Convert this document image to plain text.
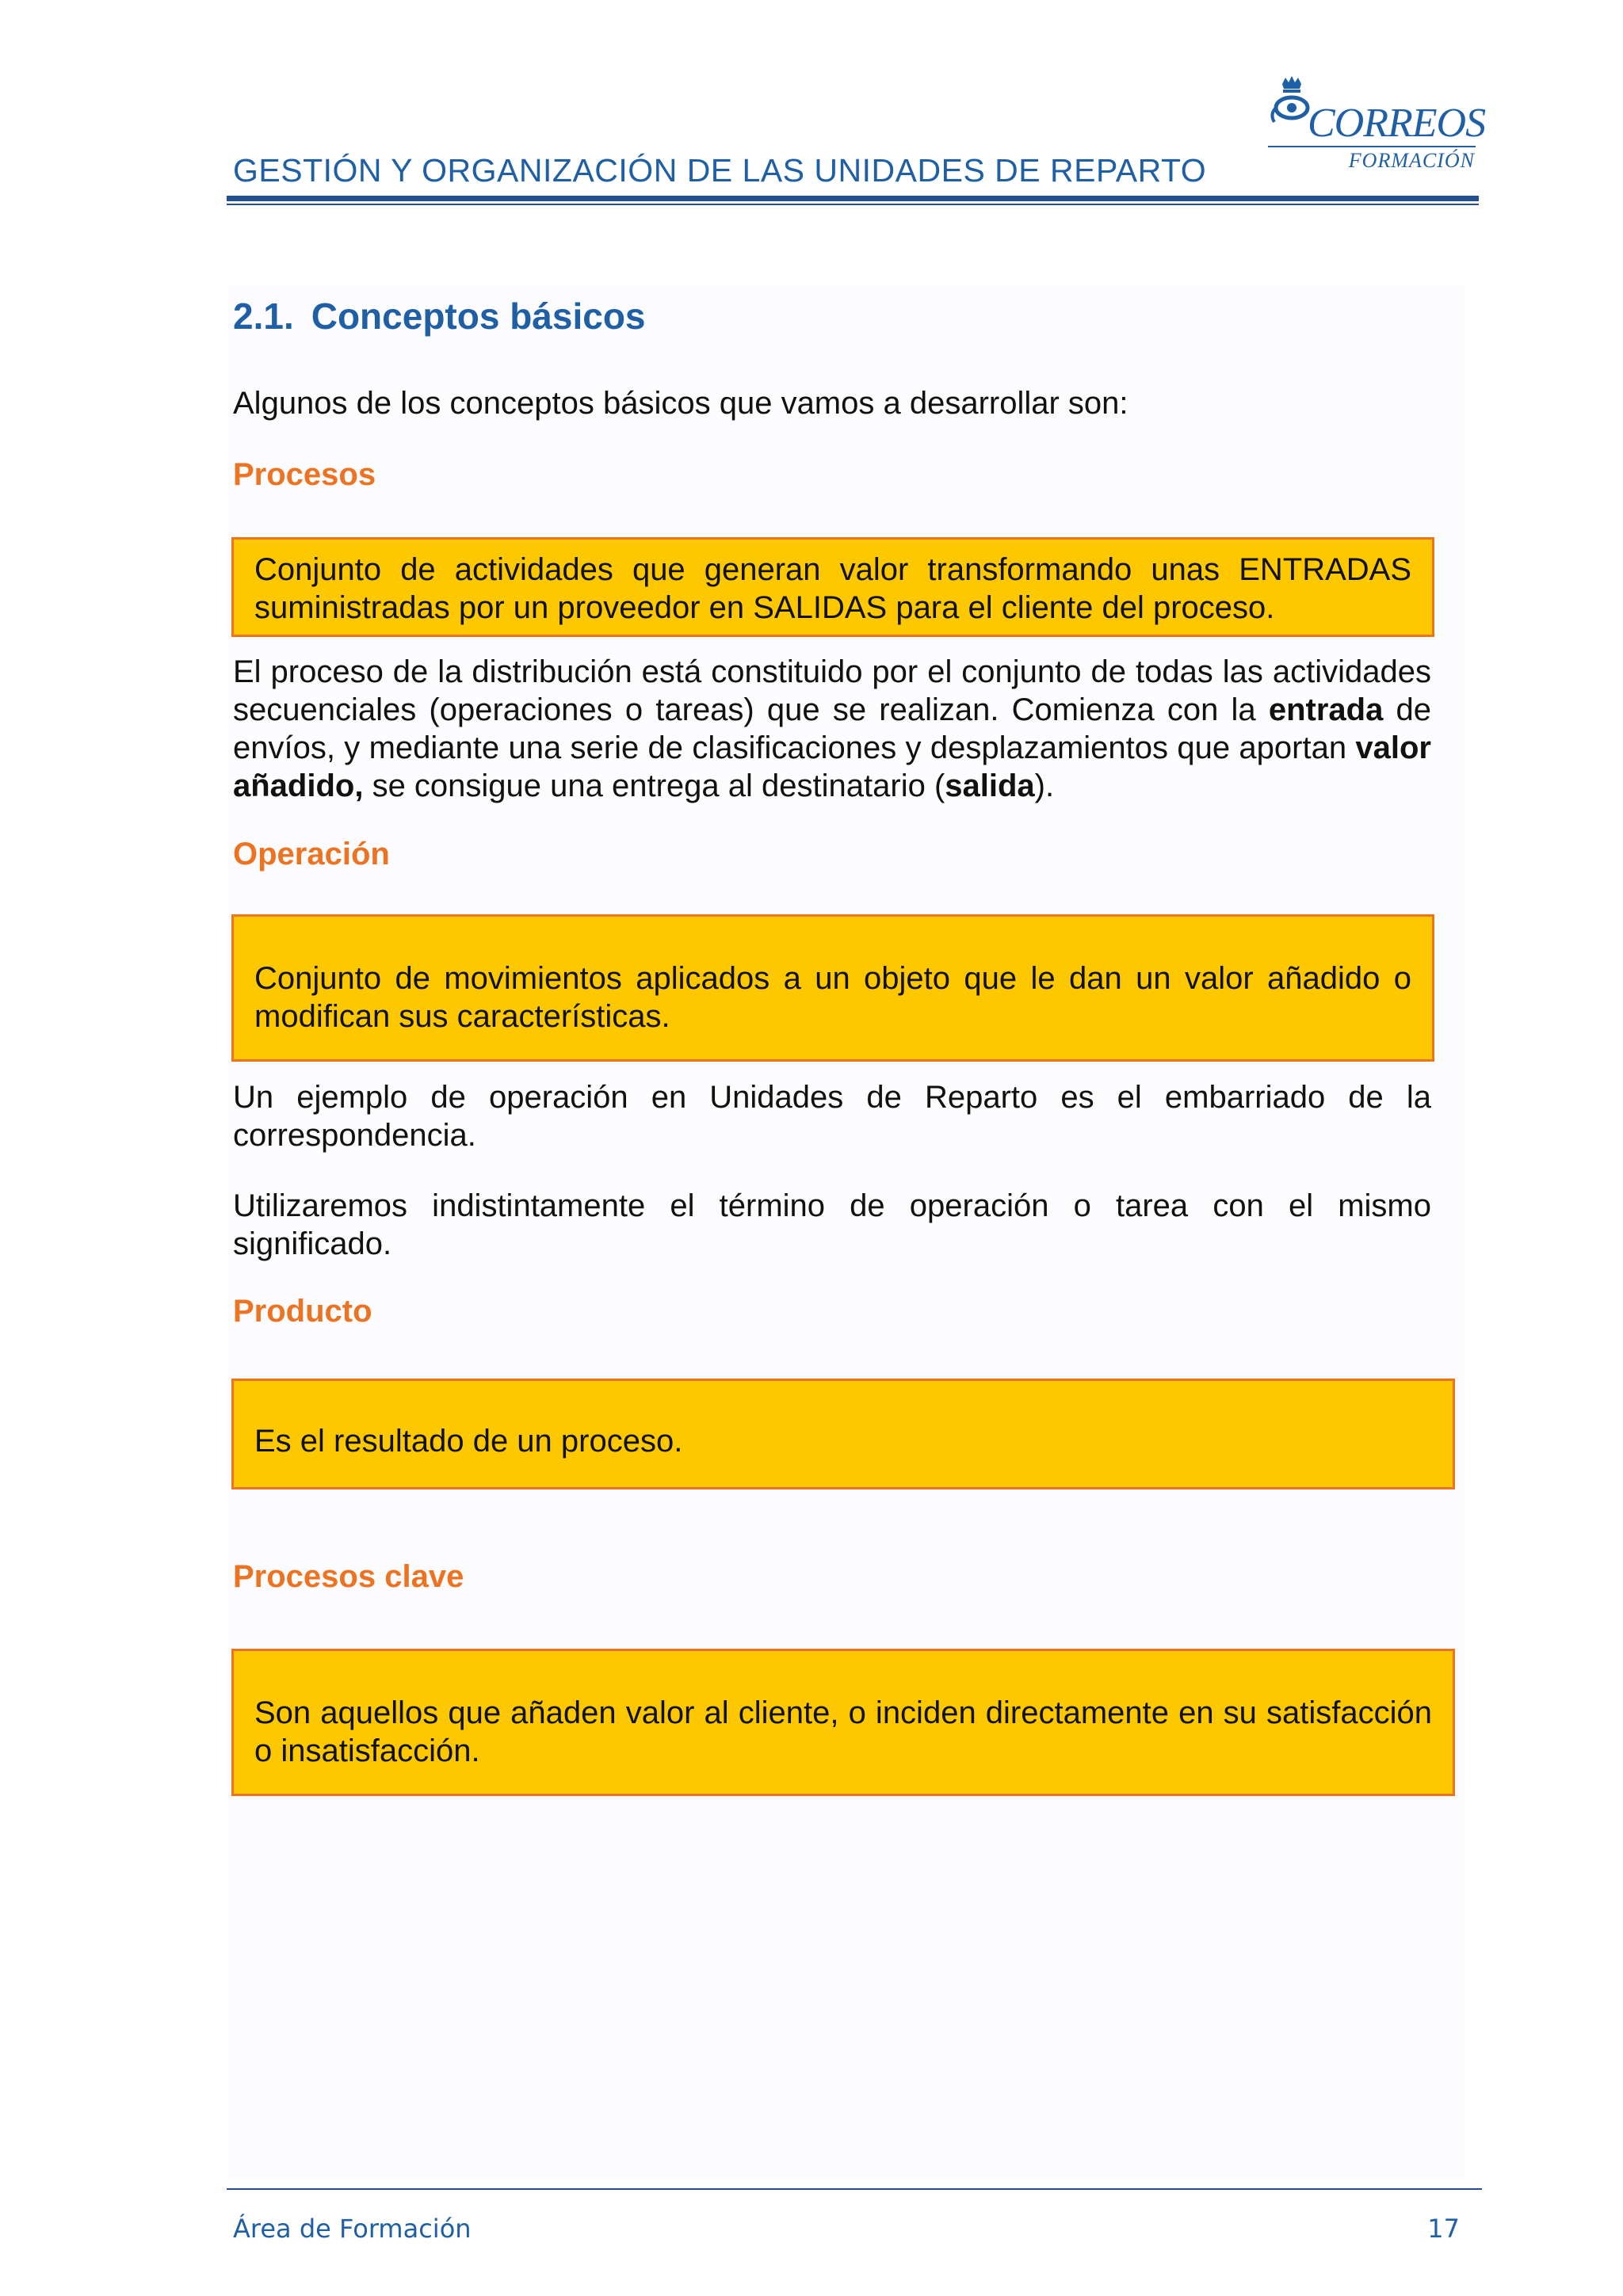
GESTIÓN Y ORGANIZACIÓN DE LAS UNIDADES DE REPARTO
CORREOS
FORMACIÓN
2.1. Conceptos básicos
Algunos de los conceptos básicos que vamos a desarrollar son:
Procesos

Conjunto de actividades que generan valor transformando unas ENTRADAS

suministradas por un proveedor en SALIDAS para el cliente del proceso.

El proceso de la distribución está constituido por el conjunto de todas las actividades secuenciales (operaciones o tareas) que se realizan. Comienza con la entrada de envíos, y mediante una serie de clasificaciones y desplazamientos que aportan valor añadido, se consigue una entrega al destinatario (salida).

Operación

Conjunto de movimientos aplicados a un objeto que le dan un valor añadido o modifican sus características.

Un ejemplo de operación en Unidades de Reparto es el embarriado de la correspondencia.

Utilizaremos indistintamente el término de operación o tarea con el mismo significado.

Producto

Es el resultado de un proceso.

Procesos clave

Son aquellos que añaden valor al cliente, o inciden directamente en su satisfacción o insatisfacción.

Área de Formación	17
